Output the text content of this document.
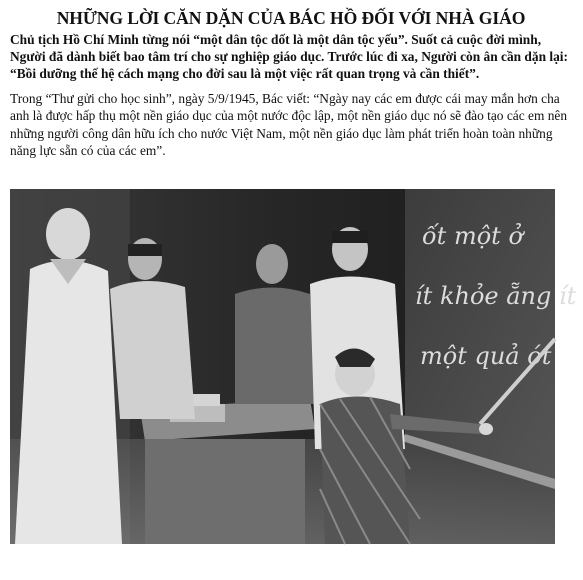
NHỮNG LỜI CĂN DẶN CỦA BÁC HỒ ĐỐI VỚI NHÀ GIÁO

Chủ tịch Hồ Chí Minh từng nói “một dân tộc dốt là một dân tộc yếu”. Suốt cả cuộc đời mình, Người đã dành biết bao tâm trí cho sự nghiệp giáo dục. Trước lúc đi xa, Người còn ân cần dặn lại: “Bồi dưỡng thế hệ cách mạng cho đời sau là một việc rất quan trọng và cần thiết”.

Trong “Thư gửi cho học sinh”, ngày 5/9/1945, Bác viết: “Ngày nay các em được cái may mắn hơn cha anh là được hấp thụ một nền giáo dục của một nước độc lập, một nền giáo dục nó sẽ đào tạo các em nên những người công dân hữu ích cho nước Việt Nam, một nền giáo dục làm phát triển hoàn toàn những năng lực sẵn có của các em”.

ốt một ở
ít khỏe ẵng ít
một quả ớt
